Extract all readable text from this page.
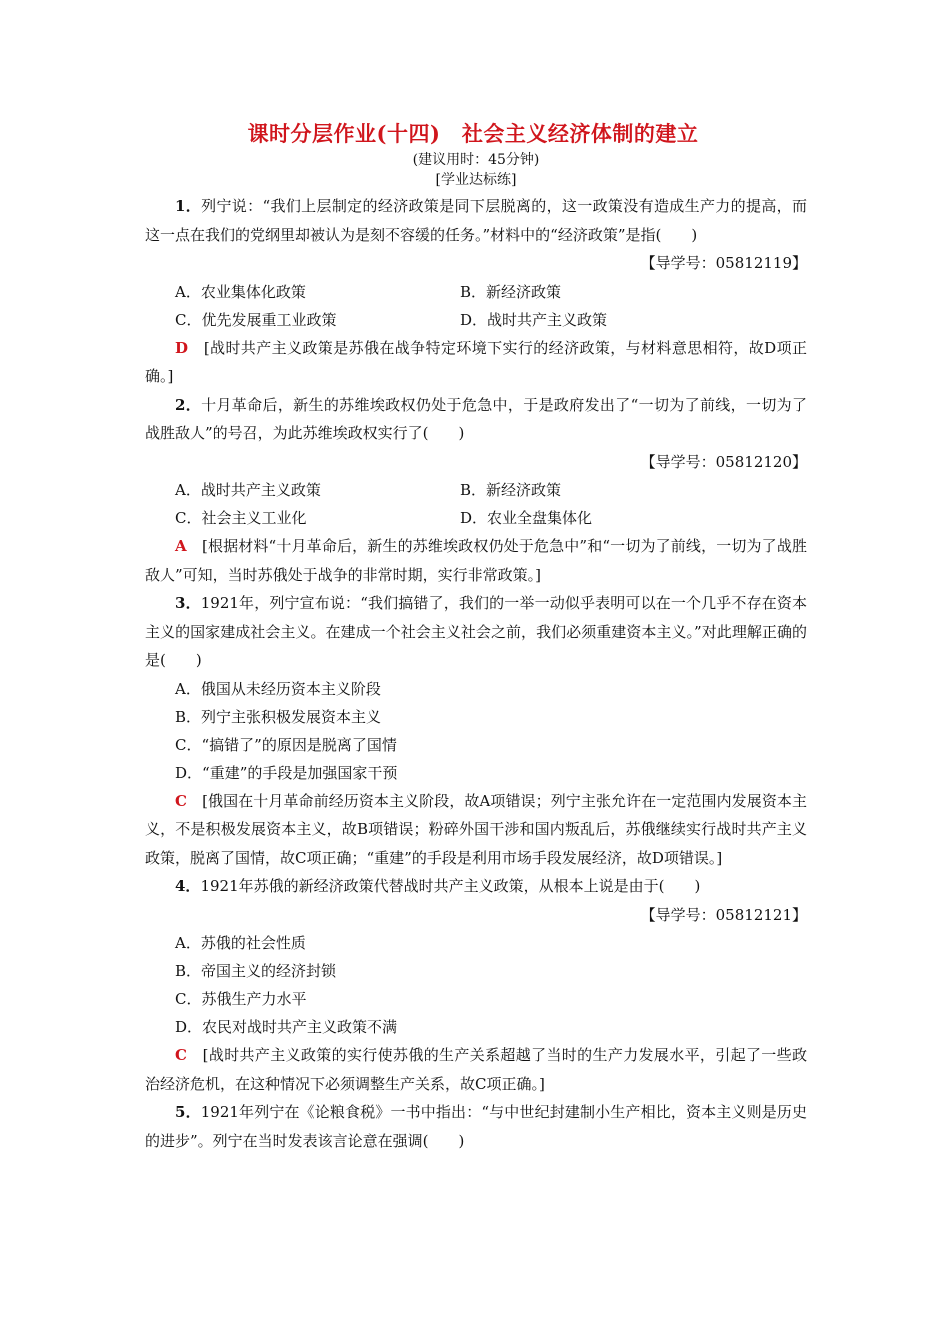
课时分层作业(十四)　社会主义经济体制的建立
(建议用时：45分钟)
[学业达标练]

1．列宁说：“我们上层制定的经济政策是同下层脱离的，这一政策没有造成生产力的提高，而这一点在我们的党纲里却被认为是刻不容缓的任务。”材料中的“经济政策”是指(　　)

【导学号：05812119】
A．农业集体化政策	B．新经济政策
C．优先发展重工业政策	D．战时共产主义政策

D　 [战时共产主义政策是苏俄在战争特定环境下实行的经济政策，与材料意思相符，故D项正确。]

2．十月革命后，新生的苏维埃政权仍处于危急中，于是政府发出了“一切为了前线，一切为了战胜敌人”的号召，为此苏维埃政权实行了(　　)

【导学号：05812120】
A．战时共产主义政策	B．新经济政策
C．社会主义工业化	D．农业全盘集体化

A　 [根据材料“十月革命后，新生的苏维埃政权仍处于危急中”和“一切为了前线，一切为了战胜敌人”可知，当时苏俄处于战争的非常时期，实行非常政策。]

3．1921年，列宁宣布说：“我们搞错了，我们的一举一动似乎表明可以在一个几乎不存在资本主义的国家建成社会主义。在建成一个社会主义社会之前，我们必须重建资本主义。”对此理解正确的是(　　)

A．俄国从未经历资本主义阶段
B．列宁主张积极发展资本主义
C．“搞错了”的原因是脱离了国情
D．“重建”的手段是加强国家干预

C　 [俄国在十月革命前经历资本主义阶段，故A项错误；列宁主张允许在一定范围内发展资本主义，不是积极发展资本主义，故B项错误；粉碎外国干涉和国内叛乱后，苏俄继续实行战时共产主义政策，脱离了国情，故C项正确；“重建”的手段是利用市场手段发展经济，故D项错误。]

4．1921年苏俄的新经济政策代替战时共产主义政策，从根本上说是由于(　　)

【导学号：05812121】
A．苏俄的社会性质
B．帝国主义的经济封锁
C．苏俄生产力水平
D．农民对战时共产主义政策不满

C　 [战时共产主义政策的实行使苏俄的生产关系超越了当时的生产力发展水平，引起了一些政治经济危机，在这种情况下必须调整生产关系，故C项正确。]

5．1921年列宁在《论粮食税》一书中指出：“与中世纪封建制小生产相比，资本主义则是历史的进步”。列宁在当时发表该言论意在强调(　　)
